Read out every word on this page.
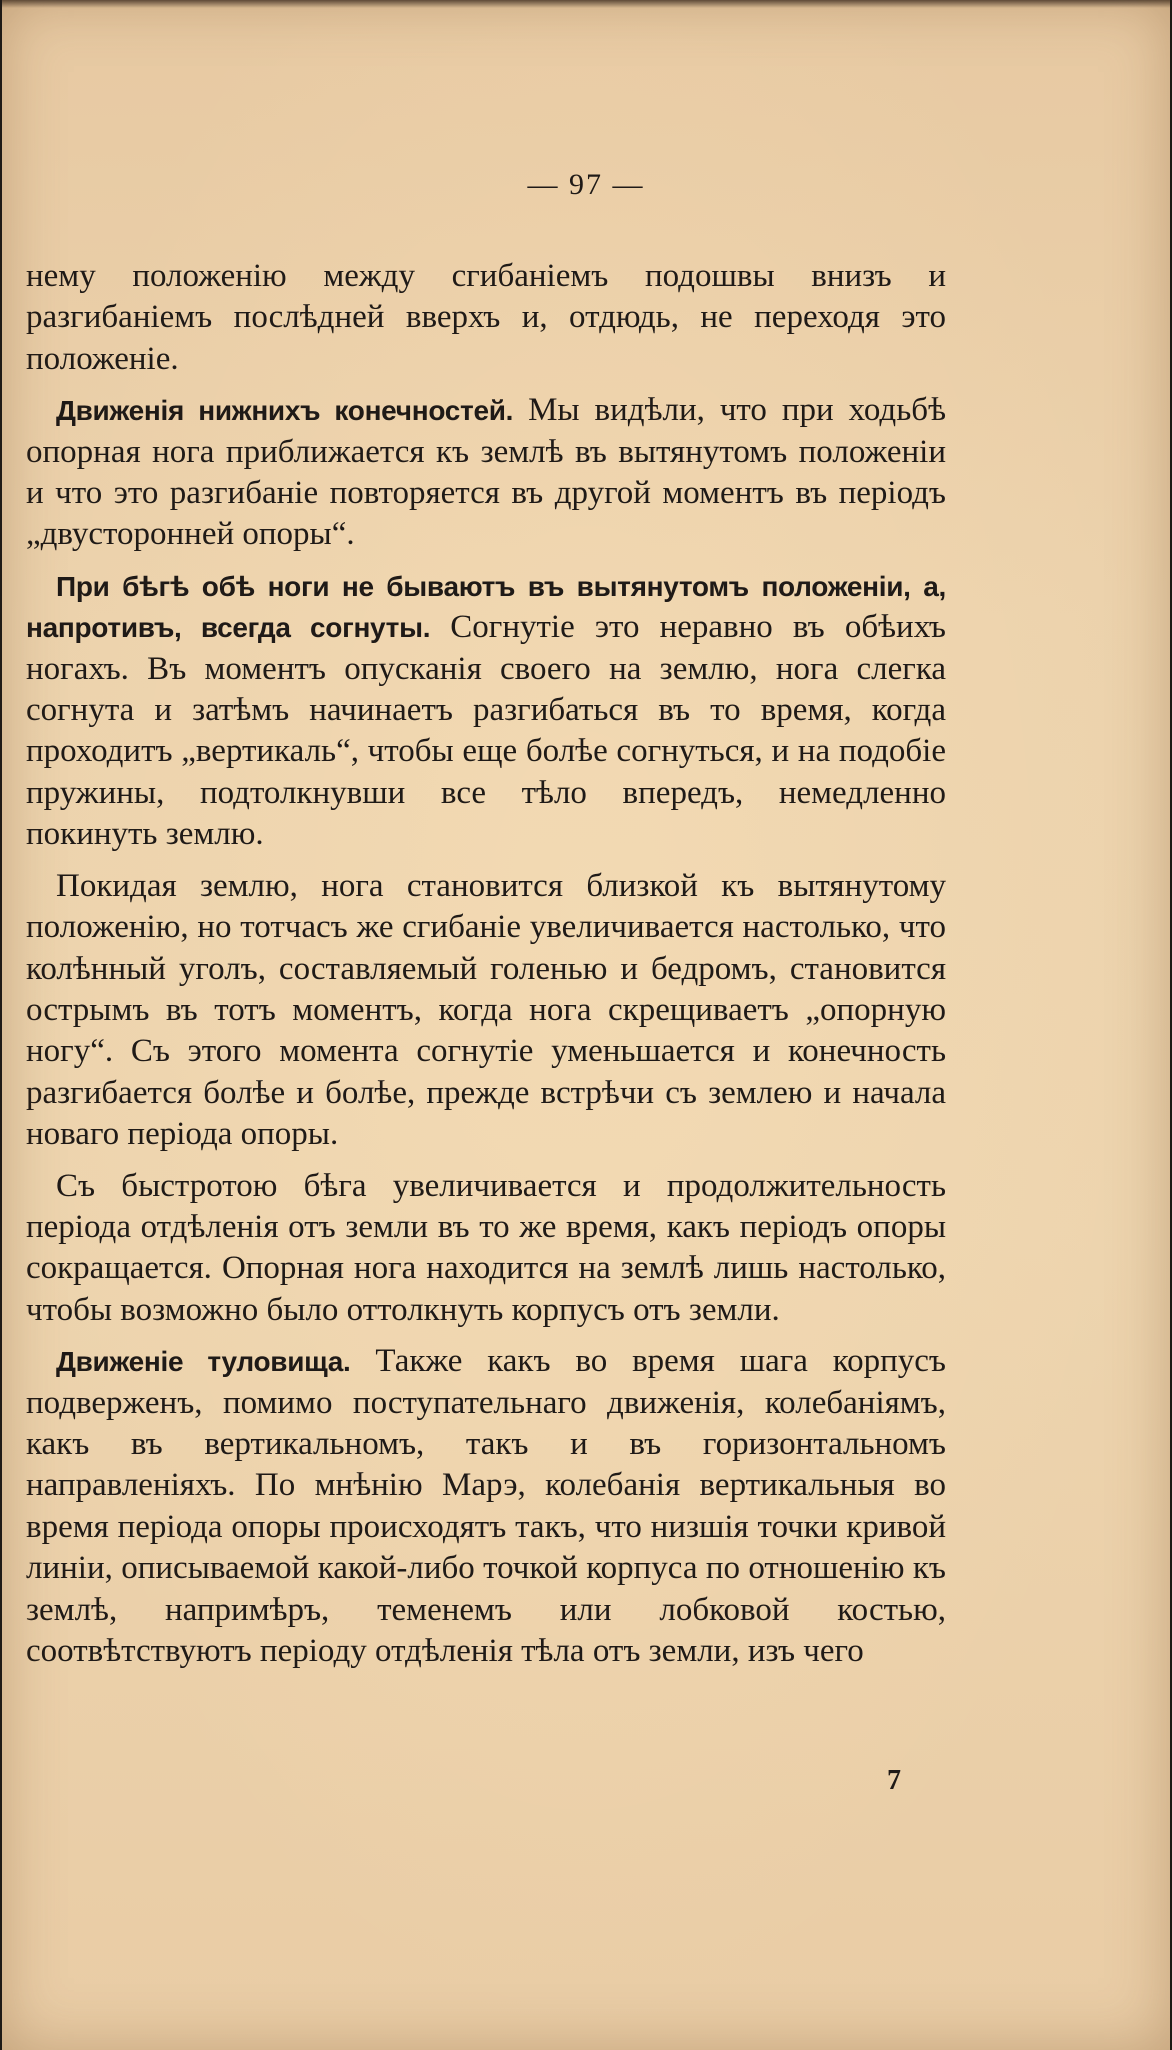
— 97 —

нему положенію между сгибаніемъ подошвы внизъ и разгибаніемъ послѣдней вверхъ и, отдюдь, не переходя это положеніе.

Движенія нижнихъ конечностей. Мы видѣли, что при ходьбѣ опорная нога приближается къ землѣ въ вытянутомъ положеніи и что это разгибаніе повторяется въ другой моментъ въ періодъ „двусторонней опоры“.

При бѣгѣ обѣ ноги не бываютъ въ вытянутомъ положеніи, а, напротивъ, всегда согнуты. Согнутіе это неравно въ обѣихъ ногахъ. Въ моментъ опусканія своего на землю, нога слегка согнута и затѣмъ начинаетъ разгибаться въ то время, когда проходитъ „вертикаль“, чтобы еще болѣе согнуться, и на подобіе пружины, подтолкнувши все тѣло впередъ, немедленно покинуть землю.

Покидая землю, нога становится близкой къ вытянутому положенію, но тотчасъ же сгибаніе увеличивается настолько, что колѣнный уголъ, составляемый голенью и бедромъ, становится острымъ въ тотъ моментъ, когда нога скрещиваетъ „опорную ногу“. Съ этого момента согнутіе уменьшается и конечность разгибается болѣе и болѣе, прежде встрѣчи съ землею и начала новаго періода опоры.

Съ быстротою бѣга увеличивается и продолжительность періода отдѣленія отъ земли въ то же время, какъ періодъ опоры сокращается. Опорная нога находится на землѣ лишь настолько, чтобы возможно было оттолкнуть корпусъ отъ земли.

Движеніе туловища. Также какъ во время шага корпусъ подверженъ, помимо поступательнаго движенія, колебаніямъ, какъ въ вертикальномъ, такъ и въ горизонтальномъ направленіяхъ. По мнѣнію Марэ, колебанія вертикальныя во время періода опоры происходятъ такъ, что низшія точки кривой линіи, описываемой какой-либо точкой корпуса по отношенію къ землѣ, напримѣръ, теменемъ или лобковой костью, соотвѣтствуютъ періоду отдѣленія тѣла отъ земли, изъ чего

7
